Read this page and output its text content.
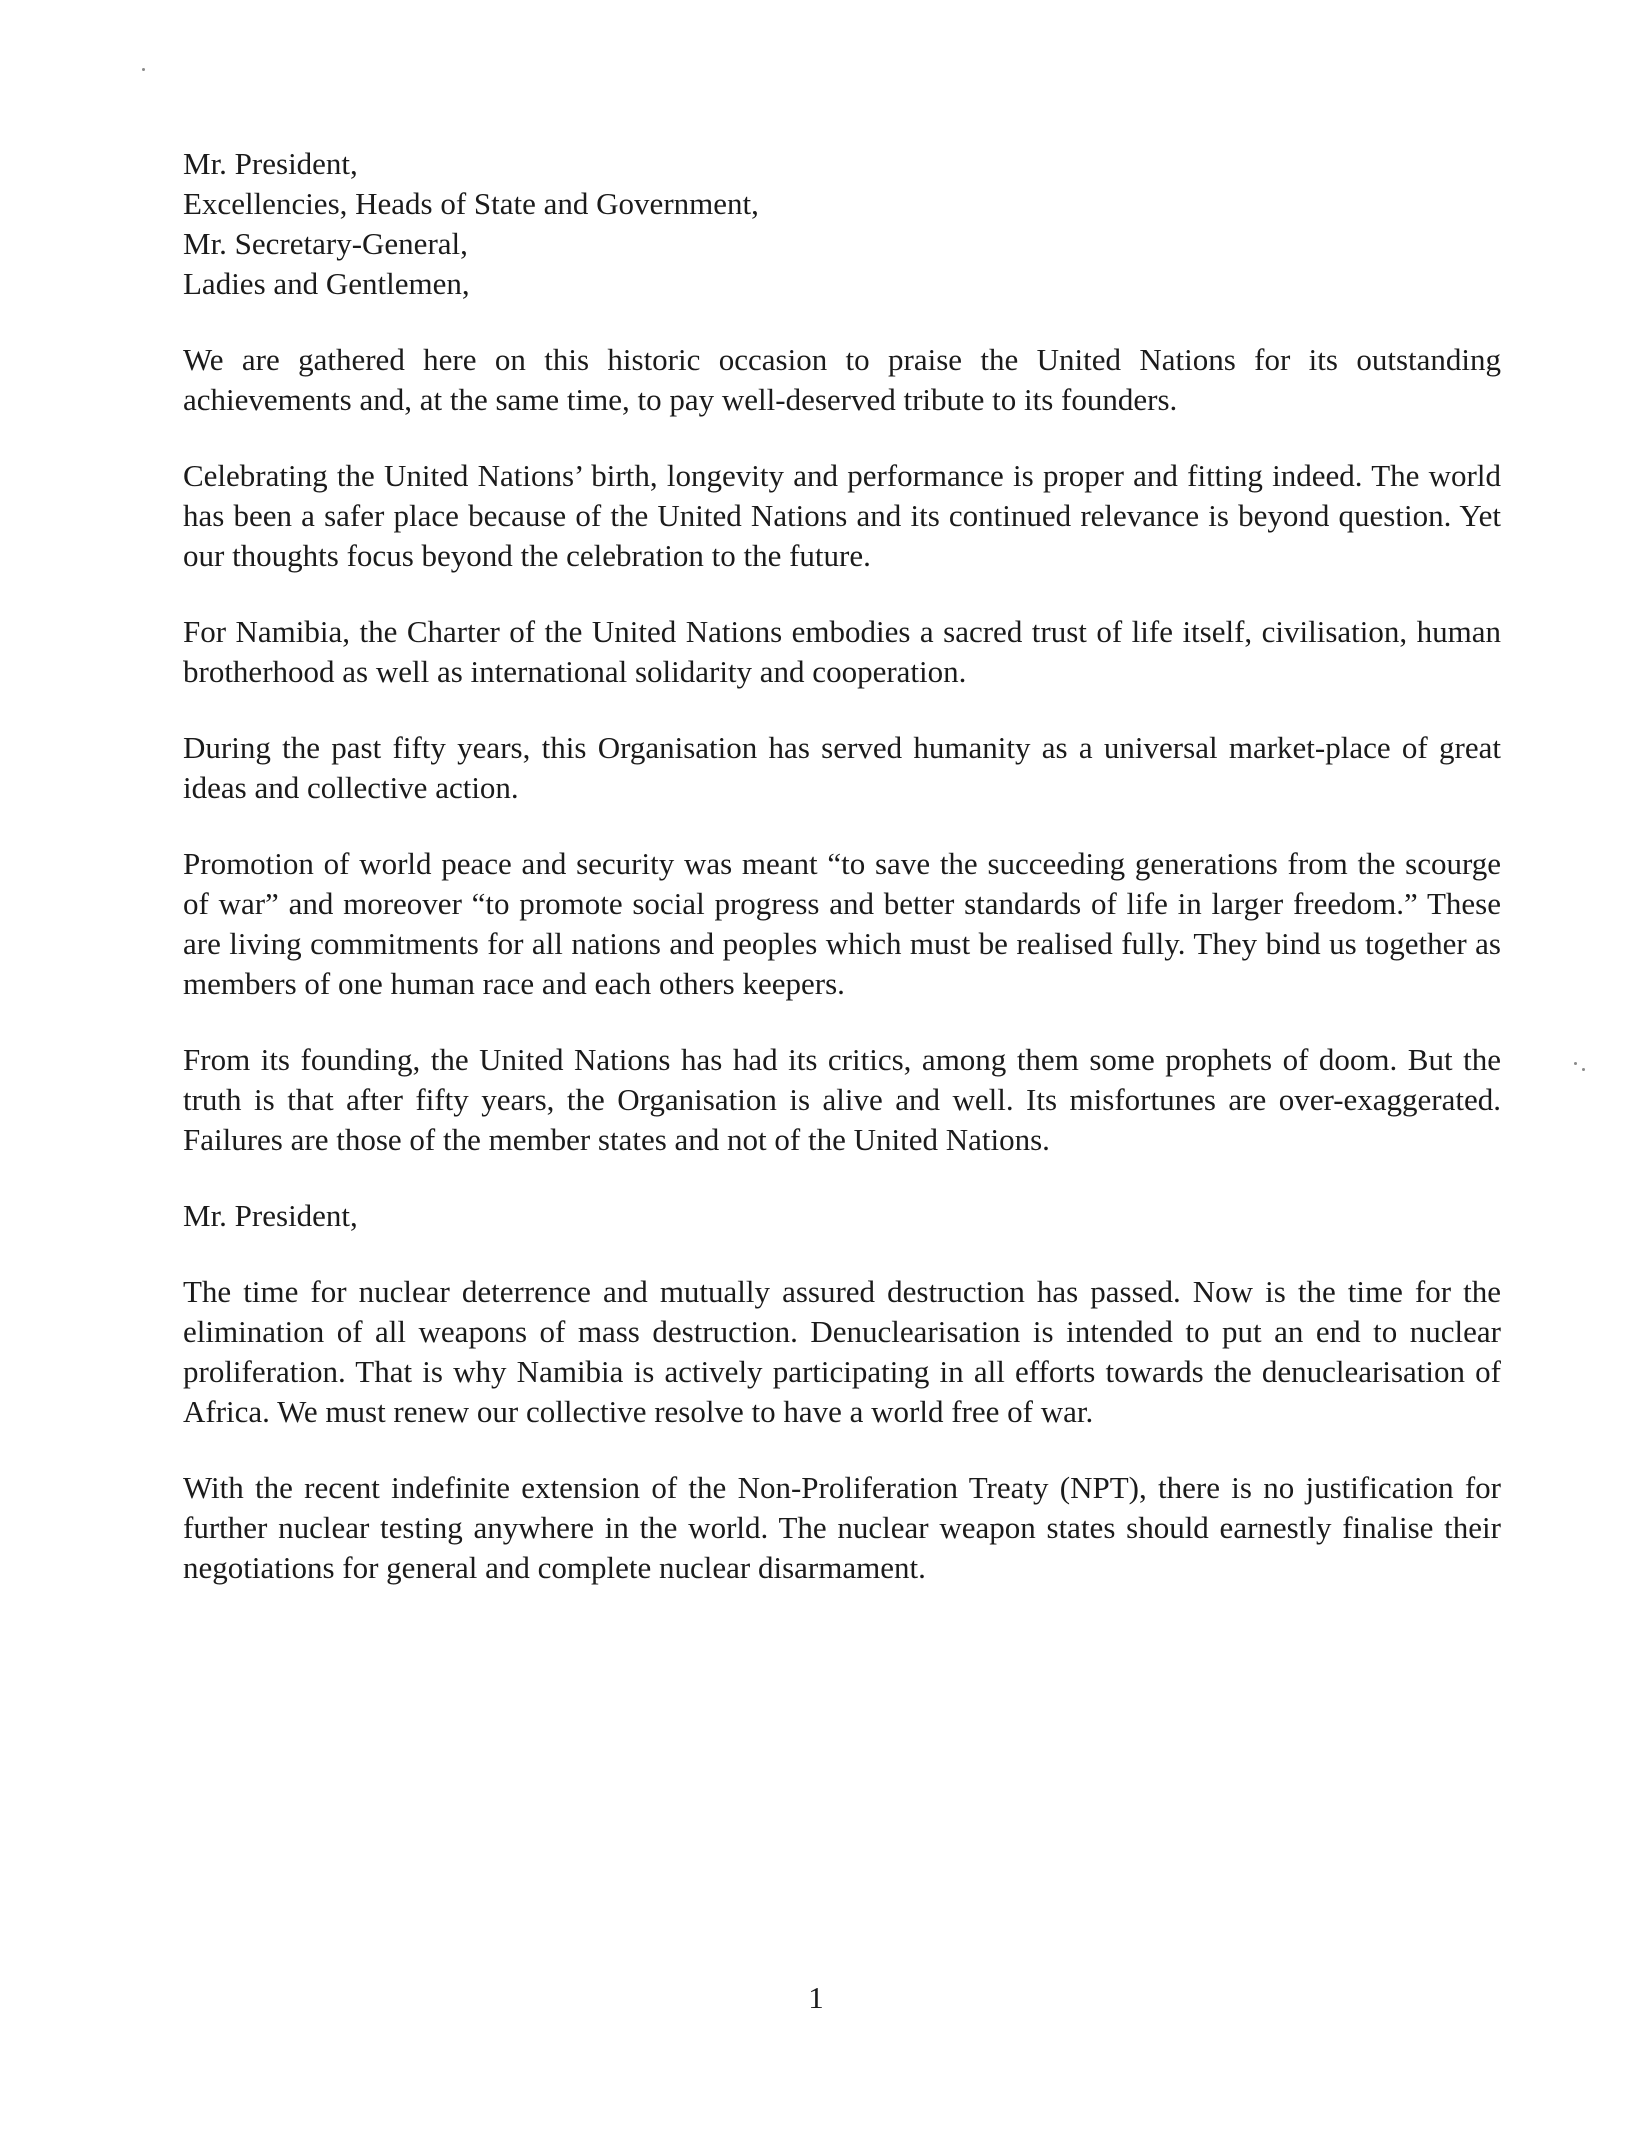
Mr. President,
Excellencies, Heads of State and Government,
Mr. Secretary-General,
Ladies and Gentlemen,

We are gathered here on this historic occasion to praise the United Nations for its outstanding achievements and, at the same time, to pay well-deserved tribute to its founders.

Celebrating the United Nations’ birth, longevity and performance is proper and fitting indeed. The world has been a safer place because of the United Nations and its continued relevance is beyond question. Yet our thoughts focus beyond the celebration to the future.

For Namibia, the Charter of the United Nations embodies a sacred trust of life itself, civilisation, human brotherhood as well as international solidarity and cooperation.

During the past fifty years, this Organisation has served humanity as a universal market-place of great ideas and collective action.

Promotion of world peace and security was meant “to save the succeeding generations from the scourge of war” and moreover “to promote social progress and better standards of life in larger freedom.” These are living commitments for all nations and peoples which must be realised fully. They bind us together as members of one human race and each others keepers.

From its founding, the United Nations has had its critics, among them some prophets of doom. But the truth is that after fifty years, the Organisation is alive and well. Its misfortunes are over-exaggerated. Failures are those of the member states and not of the United Nations.

Mr. President,

The time for nuclear deterrence and mutually assured destruction has passed. Now is the time for the elimination of all weapons of mass destruction. Denuclearisation is intended to put an end to nuclear proliferation. That is why Namibia is actively participating in all efforts towards the denuclearisation of Africa. We must renew our collective resolve to have a world free of war.

With the recent indefinite extension of the Non-Proliferation Treaty (NPT), there is no justification for further nuclear testing anywhere in the world. The nuclear weapon states should earnestly finalise their negotiations for general and complete nuclear disarmament.

1
